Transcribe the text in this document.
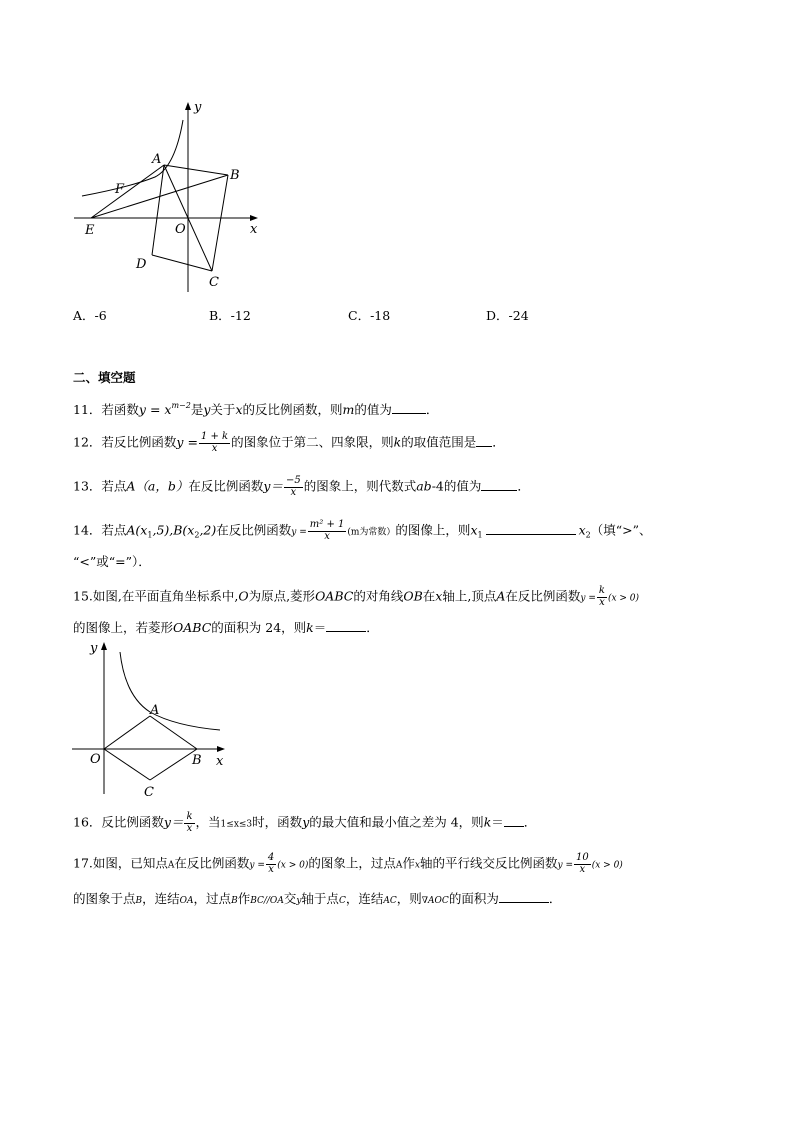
y
x
O
A
B
C
D
E
F
A．-6	B．-12	C．-18	D．-24
二、填空题
11．若函数$y = x^{m-2}$是y关于x的反比例函数，则m的值为	．
12．若反比例函数$y = \frac{1 + k}{x}$ 的图象位于第二、四象限，则k的取值范围是 ．
13．若点A（a，b）在反比例函数$y= \frac{-5}{x}$ 的图象上，则代数式ab-4的值为	．
14．若点$A(x_1,5),B(x_2,2)$在反比例函数$y = \frac{\text{m² + 1}}{x} (m$为常数）的图像上，则$x_1$	$x_2$（填“>”、
“<”或“=”）．
15.如图,在平面直角坐标系中,O为原点,菱形OABC的对角线OB在x轴上,顶点A在反比例函数$y = \frac{k}{x} (x > 0)$
的图像上，若菱形OABC的面积为 24，则k＝	．
y
x
O
A
B
C
16．反比例函数$y= \frac{k}{x}$ ，当1≤x≤3时，函数y的最大值和最小值之差为 4，则k＝ ．
17.如图，已知点A在反比例函数$y = \frac{4}{x} (x > 0)$的图象上，过点A作x轴的平行线交反比例函数$y = \frac{10}{x} (x > 0)$
的图象于点B，连结OA，过点B作BC//OA交y轴于点C，连结AC，则∇AOC的面积为	．
